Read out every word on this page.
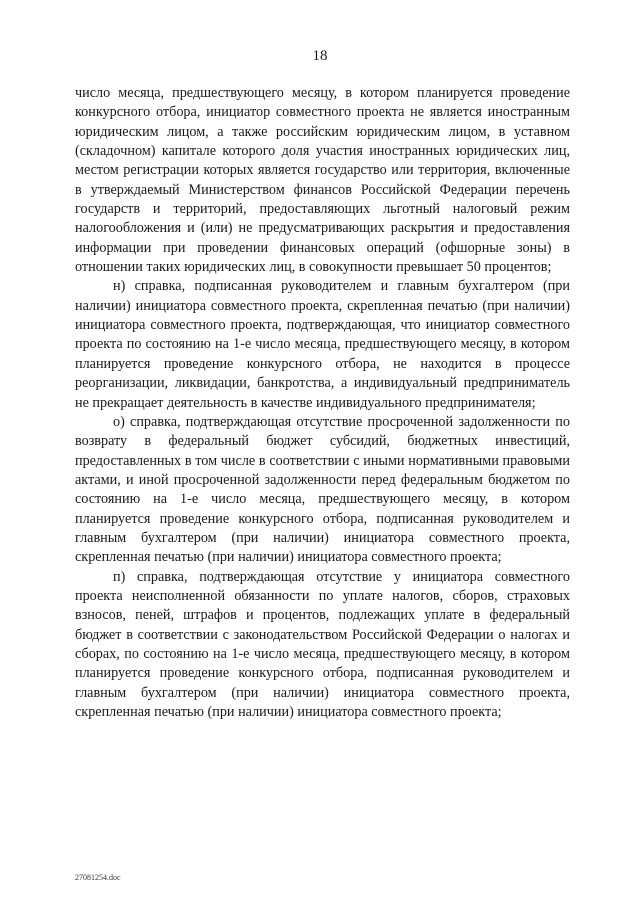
18

число месяца, предшествующего месяцу, в котором планируется проведение конкурсного отбора, инициатор совместного проекта не является иностранным юридическим лицом, а также российским юридическим лицом, в уставном (складочном) капитале которого доля участия иностранных юридических лиц, местом регистрации которых является государство или территория, включенные в утверждаемый Министерством финансов Российской Федерации перечень государств и территорий, предоставляющих льготный налоговый режим налогообложения и (или) не предусматривающих раскрытия и предоставления информации при проведении финансовых операций (офшорные зоны) в отношении таких юридических лиц, в совокупности превышает 50 процентов;

н) справка, подписанная руководителем и главным бухгалтером (при наличии) инициатора совместного проекта, скрепленная печатью (при наличии) инициатора совместного проекта, подтверждающая, что инициатор совместного проекта по состоянию на 1-е число месяца, предшествующего месяцу, в котором планируется проведение конкурсного отбора, не находится в процессе реорганизации, ликвидации, банкротства, а индивидуальный предприниматель не прекращает деятельность в качестве индивидуального предпринимателя;

о) справка, подтверждающая отсутствие просроченной задолженности по возврату в федеральный бюджет субсидий, бюджетных инвестиций, предоставленных в том числе в соответствии с иными нормативными правовыми актами, и иной просроченной задолженности перед федеральным бюджетом по состоянию на 1-е число месяца, предшествующего месяцу, в котором планируется проведение конкурсного отбора, подписанная руководителем и главным бухгалтером (при наличии) инициатора совместного проекта, скрепленная печатью (при наличии) инициатора совместного проекта;

п) справка, подтверждающая отсутствие у инициатора совместного проекта неисполненной обязанности по уплате налогов, сборов, страховых взносов, пеней, штрафов и процентов, подлежащих уплате в федеральный бюджет в соответствии с законодательством Российской Федерации о налогах и сборах, по состоянию на 1-е число месяца, предшествующего месяцу, в котором планируется проведение конкурсного отбора, подписанная руководителем и главным бухгалтером (при наличии) инициатора совместного проекта, скрепленная печатью (при наличии) инициатора совместного проекта;

27081254.doc
